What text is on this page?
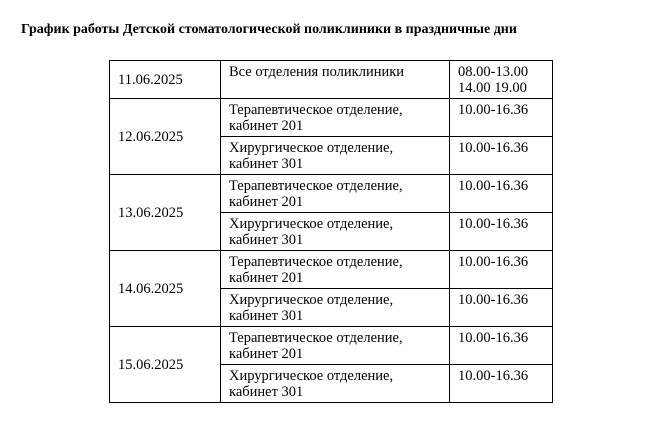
График работы Детской стоматологической поликлиники в праздничные дни
11.06.2025	Все отделения поликлиники	08.00-13.00
14.00 19.00

12.06.2025	Терапевтическое отделение,
кабинет 201	10.00-16.36

	Хирургическое отделение,
кабинет 301	10.00-16.36
13.06.2025	Терапевтическое отделение,
кабинет 201	10.00-16.36

	Хирургическое отделение,
кабинет 301	10.00-16.36
14.06.2025	Терапевтическое отделение,
кабинет 201	10.00-16.36

	Хирургическое отделение,
кабинет 301	10.00-16.36
15.06.2025	Терапевтическое отделение,
кабинет 201	10.00-16.36

	Хирургическое отделение,
кабинет 301	10.00-16.36
